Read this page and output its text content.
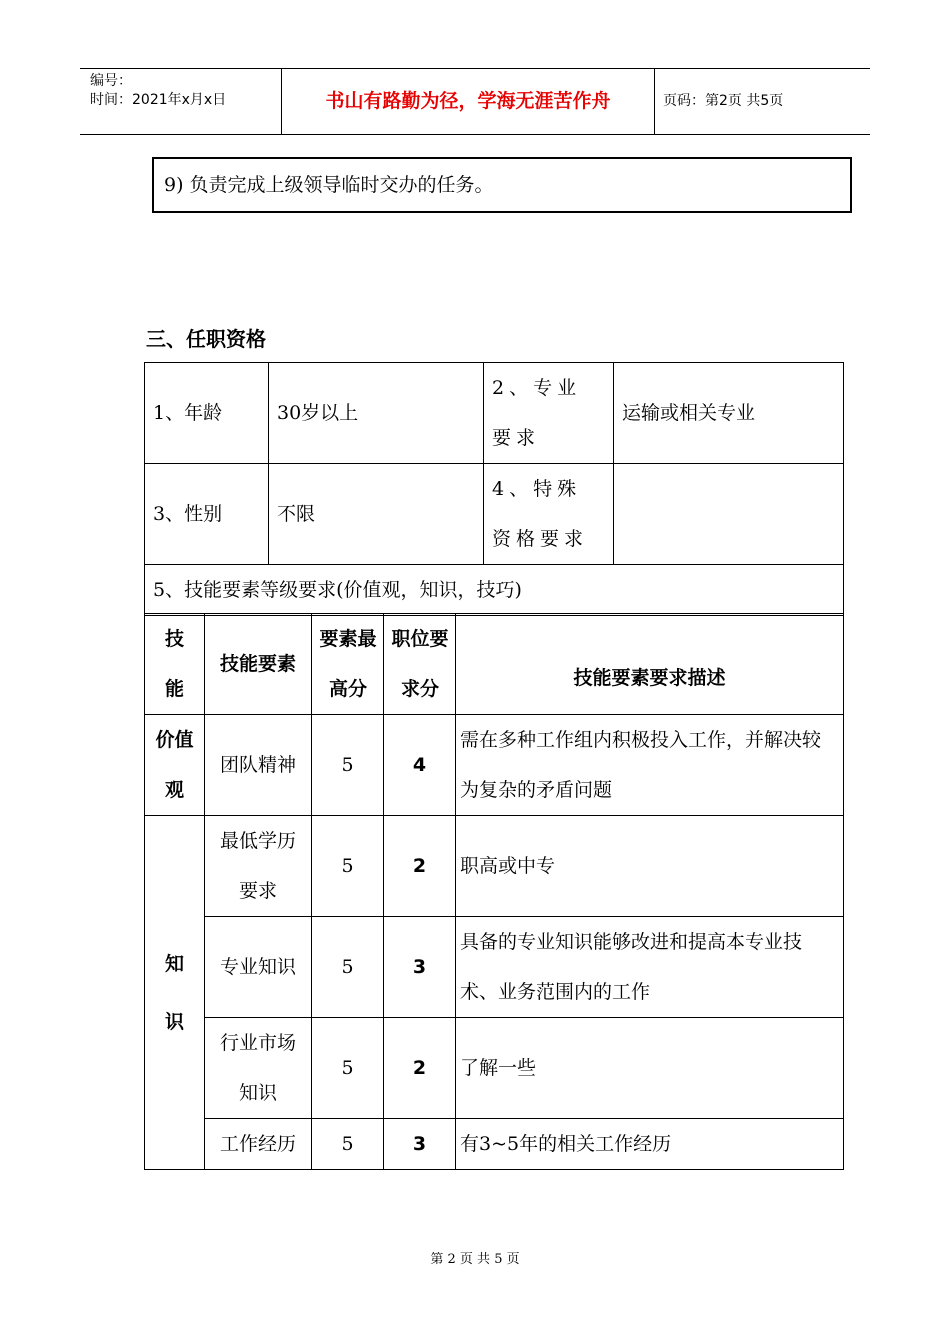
编号：
时间：2021年x月x日	书山有路勤为径，学海无涯苦作舟	页码：第2页 共5页
9) 负责完成上级领导临时交办的任务。
三、任职资格
1、年龄	30岁以上	2、专业要求	运输或相关专业
3、性别	不限	4、特殊资格要求	
5、技能要素等级要求(价值观，知识，技巧)			
技能	技能要素	要素最高分	职位要求分	技能要素要求描述

价值观	团队精神	5	4	需在多种工作组内积极投入工作，并解决较为复杂的矛盾问题

知识	最低学历要求	5	2	职高或中专
	专业知识	5	3	具备的专业知识能够改进和提高本专业技术、业务范围内的工作

	行业市场知识	5	2	了解一些
	工作经历	5	3	有3~5年的相关工作经历
第 2 页 共 5 页
